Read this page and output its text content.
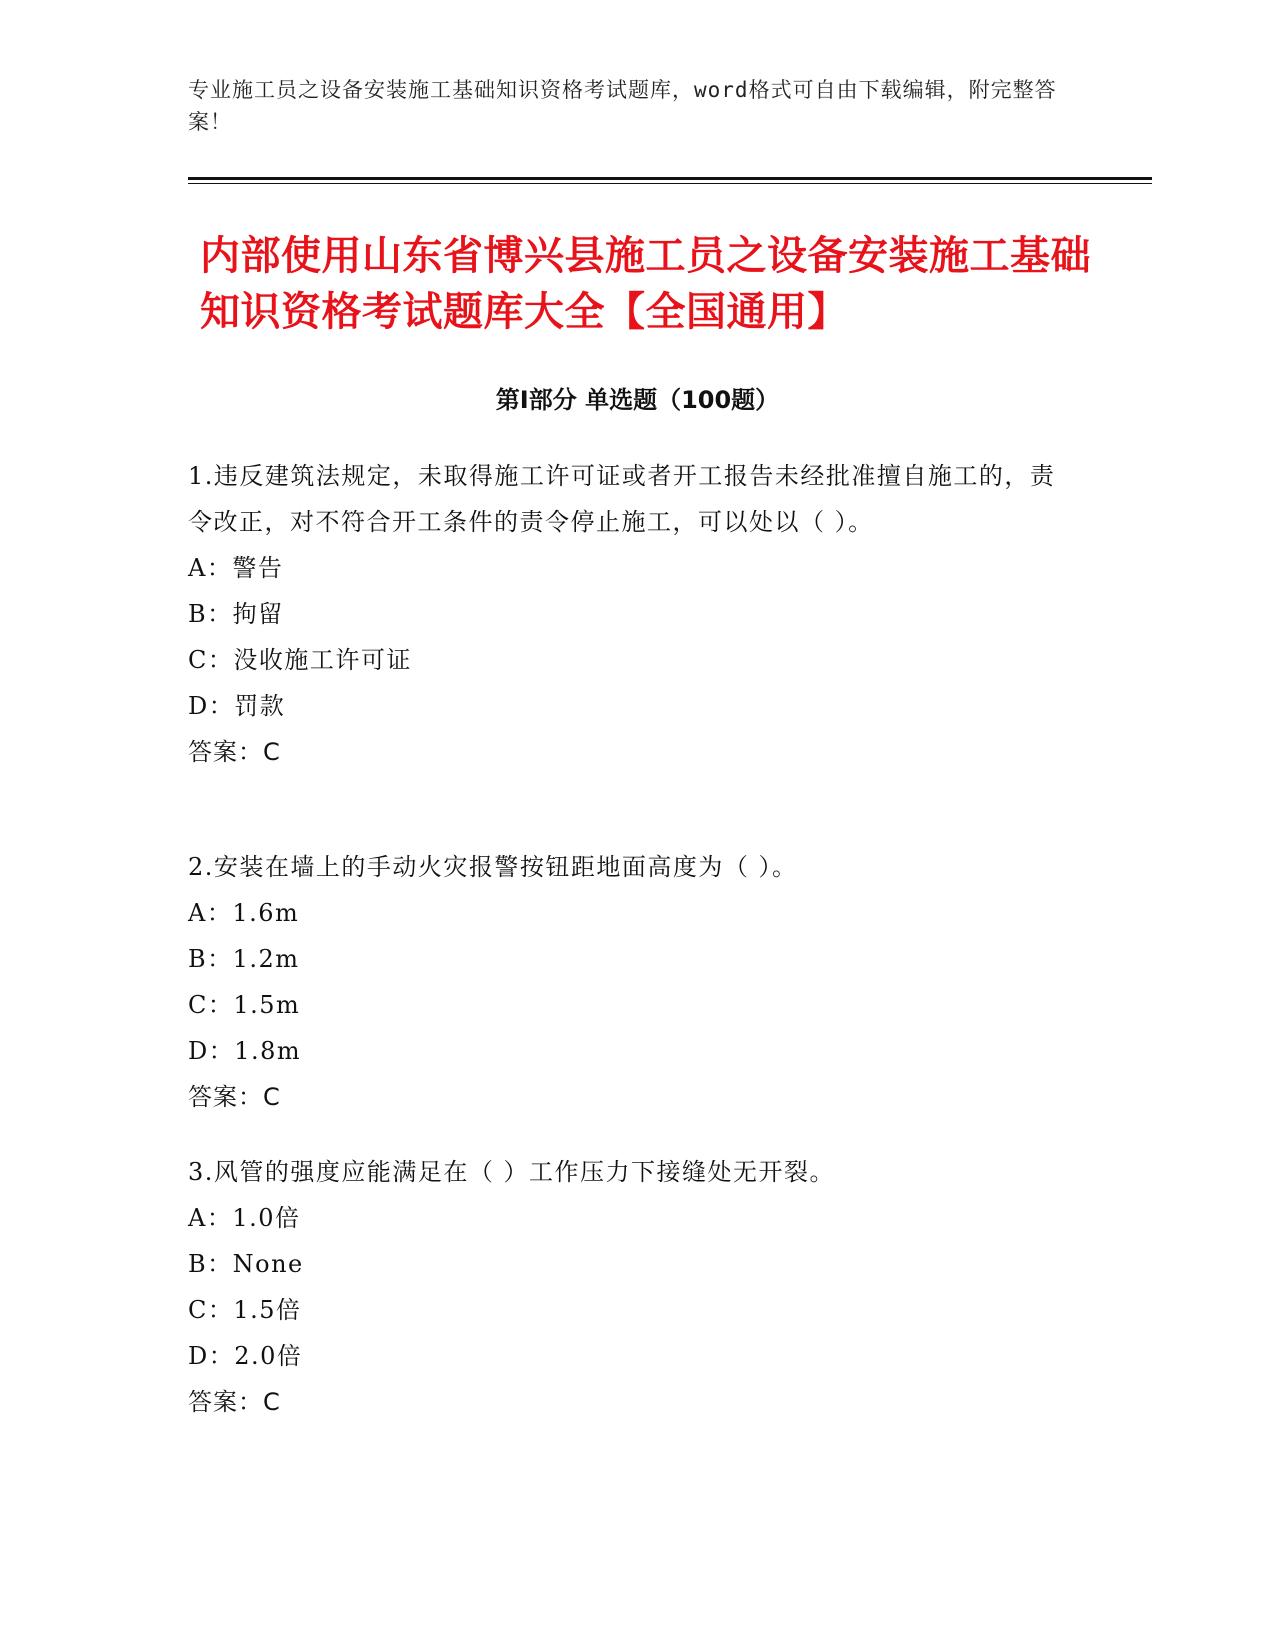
专业施工员之设备安装施工基础知识资格考试题库，word格式可自由下载编辑，附完整答案！
内部使用山东省博兴县施工员之设备安装施工基础知识资格考试题库大全【全国通用】
第Ⅰ部分 单选题（100题）
1.违反建筑法规定，未取得施工许可证或者开工报告未经批准擅自施工的，责令改正，对不符合开工条件的责令停止施工，可以处以（ ）。
A：警告
B：拘留
C：没收施工许可证
D：罚款
答案：C
2.安装在墙上的手动火灾报警按钮距地面高度为（ ）。
A：1.6m
B：1.2m
C：1.5m
D：1.8m
答案：C
3.风管的强度应能满足在（ ）工作压力下接缝处无开裂。
A：1.0倍
B：None
C：1.5倍
D：2.0倍
答案：C
